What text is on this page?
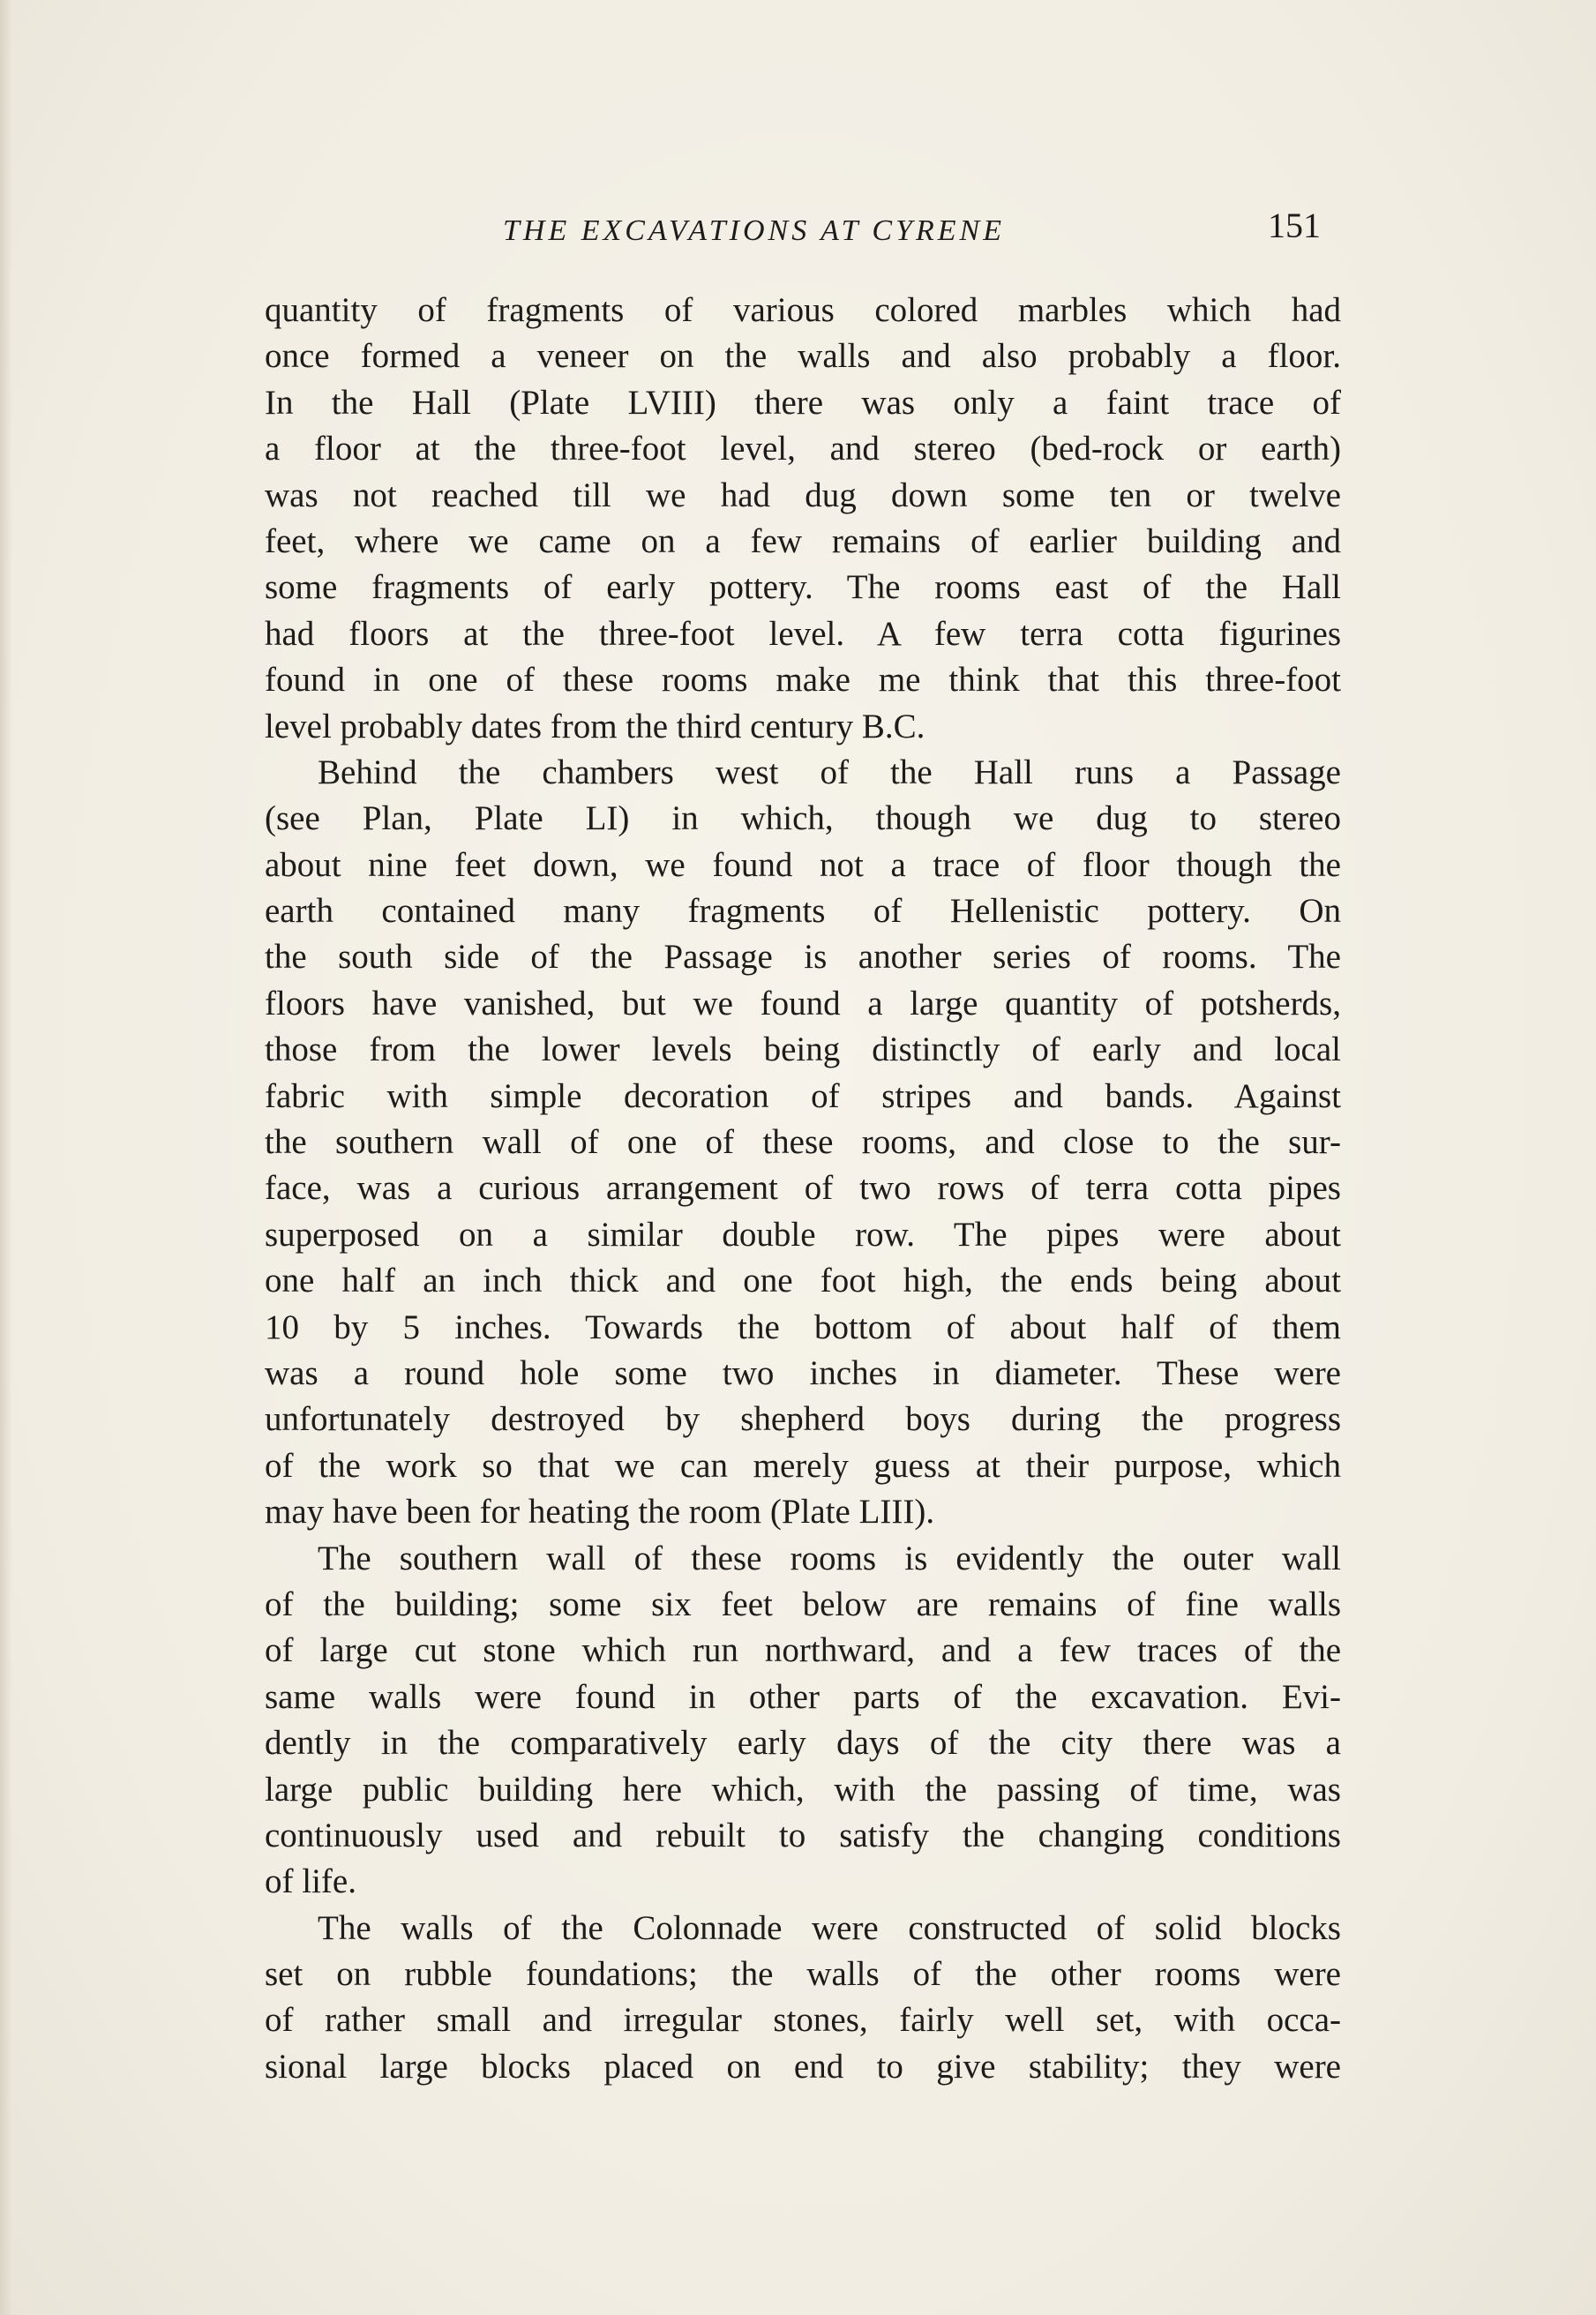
THE EXCAVATIONS AT CYRENE	151
quantity of fragments of various colored marbles which had
once formed a veneer on the walls and also probably a floor.
In the Hall (Plate LVIII) there was only a faint trace of
a floor at the three-foot level, and stereo (bed-rock or earth)
was not reached till we had dug down some ten or twelve
feet, where we came on a few remains of earlier building and
some fragments of early pottery. The rooms east of the Hall
had floors at the three-foot level. A few terra cotta figurines
found in one of these rooms make me think that this three-foot
level probably dates from the third century B.C.
Behind the chambers west of the Hall runs a Passage
(see Plan, Plate LI) in which, though we dug to stereo
about nine feet down, we found not a trace of floor though the
earth contained many fragments of Hellenistic pottery. On
the south side of the Passage is another series of rooms. The
floors have vanished, but we found a large quantity of potsherds,
those from the lower levels being distinctly of early and local
fabric with simple decoration of stripes and bands. Against
the southern wall of one of these rooms, and close to the sur-
face, was a curious arrangement of two rows of terra cotta pipes
superposed on a similar double row. The pipes were about
one half an inch thick and one foot high, the ends being about
10 by 5 inches. Towards the bottom of about half of them
was a round hole some two inches in diameter. These were
unfortunately destroyed by shepherd boys during the progress
of the work so that we can merely guess at their purpose, which
may have been for heating the room (Plate LIII).
The southern wall of these rooms is evidently the outer wall
of the building; some six feet below are remains of fine walls
of large cut stone which run northward, and a few traces of the
same walls were found in other parts of the excavation. Evi-
dently in the comparatively early days of the city there was a
large public building here which, with the passing of time, was
continuously used and rebuilt to satisfy the changing conditions
of life.
The walls of the Colonnade were constructed of solid blocks
set on rubble foundations; the walls of the other rooms were
of rather small and irregular stones, fairly well set, with occa-
sional large blocks placed on end to give stability; they were
